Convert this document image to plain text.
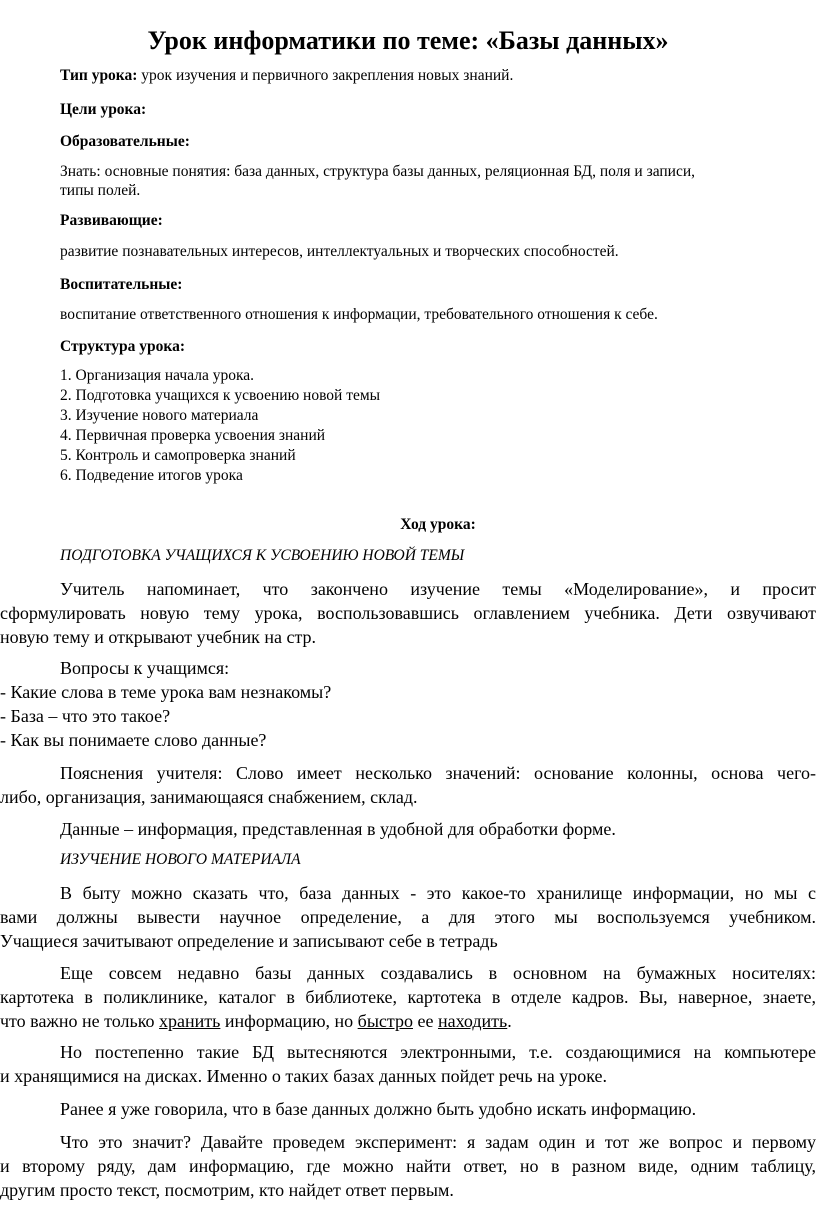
Урок информатики по теме: «Базы данных»

Тип урока: урок изучения и первичного закрепления новых знаний.

Цели урока:

Образовательные:

Знать: основные понятия: база данных, структура базы данных, реляционная БД, поля и записи,

типы полей.

Развивающие:

развитие познавательных интересов, интеллектуальных и творческих способностей.

Воспитательные:

воспитание ответственного отношения к информации, требовательного отношения к себе.

Структура урока:

1. Организация начала урока.
2. Подготовка учащихся к усвоению новой темы
3. Изучение нового материала
4. Первичная проверка усвоения знаний
5. Контроль и самопроверка знаний
6. Подведение итогов урока

Ход урока:

ПОДГОТОВКА УЧАЩИХСЯ К УСВОЕНИЮ НОВОЙ ТЕМЫ

Учитель напоминает, что закончено изучение темы «Моделирование», и просит
сформулировать новую тему урока, воспользовавшись оглавлением учебника. Дети озвучивают
новую тему и открывают учебник на стр.

Вопросы к учащимся:

- Какие слова в теме урока вам незнакомы?

- База – что это такое?

- Как вы понимаете слово данные?

Пояснения учителя: Слово имеет несколько значений: основание колонны, основа чего-
либо, организация, занимающаяся снабжением, склад.

Данные – информация, представленная в удобной для обработки форме.

ИЗУЧЕНИЕ НОВОГО МАТЕРИАЛА

В быту можно сказать что, база данных - это какое-то хранилище информации, но мы с
вами должны вывести научное определение, а для этого мы воспользуемся учебником.
Учащиеся зачитывают определение и записывают себе в тетрадь
Еще совсем недавно базы данных создавались в основном на бумажных носителях:
картотека в поликлинике, каталог в библиотеке, картотека в отделе кадров. Вы, наверное, знаете,
что важно не только хранить информацию, но быстро ее находить.
Но постепенно такие БД вытесняются электронными, т.е. создающимися на компьютере
и хранящимися на дисках. Именно о таких базах данных пойдет речь на уроке.

Ранее я уже говорила, что в базе данных должно быть удобно искать информацию.

Что это значит? Давайте проведем эксперимент: я задам один и тот же вопрос и первому
и второму ряду, дам информацию, где можно найти ответ, но в разном виде, одним таблицу,
другим просто текст, посмотрим, кто найдет ответ первым.
